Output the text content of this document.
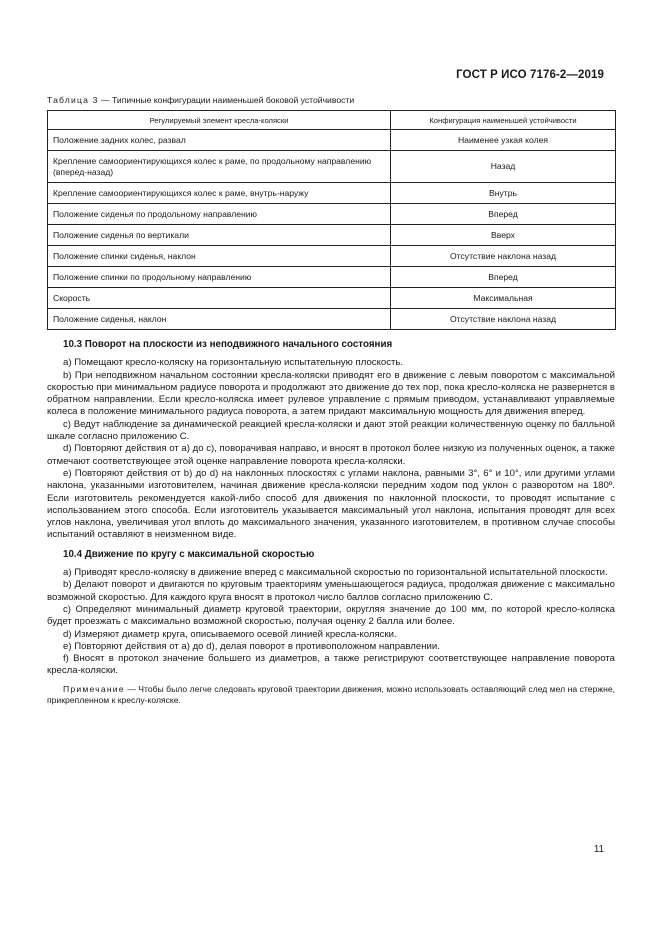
ГОСТ Р ИСО 7176-2—2019
Таблица 3 — Типичные конфигурации наименьшей боковой устойчивости
Регулируемый элемент кресла-коляски	Конфигурация наименьшей устойчивости
Положение задних колес, развал	Наименее узкая колея
Крепление самоориентирующихся колес к раме, по продольному направлению (вперед-назад)	Назад
Крепление самоориентирующихся колес к раме, внутрь-наружу	Внутрь
Положение сиденья по продольному направлению	Вперед
Положение сиденья по вертикали	Вверх
Положение спинки сиденья, наклон	Отсутствие наклона назад
Положение спинки по продольному направлению	Вперед
Скорость	Максимальная
Положение сиденья, наклон	Отсутствие наклона назад
10.3 Поворот на плоскости из неподвижного начального состояния

a) Помещают кресло-коляску на горизонтальную испытательную плоскость.

b) При неподвижном начальном состоянии кресла-коляски приводят его в движение с левым поворотом с максимальной скоростью при минимальном радиусе поворота и продолжают это движение до тех пор, пока кресло-коляска не развернется в обратном направлении. Если кресло-коляска имеет рулевое управление с прямым приводом, устанавливают управляемые колеса в положение минимального радиуса поворота, а затем придают максимальную мощность для движения вперед.

c) Ведут наблюдение за динамической реакцией кресла-коляски и дают этой реакции количественную оценку по балльной шкале согласно приложению С.

d) Повторяют действия от a) до c), поворачивая направо, и вносят в протокол более низкую из полученных оценок, а также отмечают соответствующее этой оценке направление поворота кресла-коляски.

e) Повторяют действия от b) до d) на наклонных плоскостях с углами наклона, равными 3°, 6° и 10°, или другими углами наклона, указанными изготовителем, начиная движение кресла-коляски передним ходом под уклон с разворотом на 180º. Если изготовитель рекомендуется какой-либо способ для движения по наклонной плоскости, то проводят испытание с использованием этого способа. Если изготовитель указывается максимальный угол наклона, испытания проводят для всех углов наклона, увеличивая угол вплоть до максимального значения, указанного изготовителем, в противном случае способы испытаний оставляют в неизменном виде.

10.4 Движение по кругу с максимальной скоростью

a) Приводят кресло-коляску в движение вперед с максимальной скоростью по горизонтальной испытательной плоскости.

b) Делают поворот и двигаются по круговым траекториям уменьшающегося радиуса, продолжая движение с максимально возможной скоростью. Для каждого круга вносят в протокол число баллов согласно приложению С.

c) Определяют минимальный диаметр круговой траектории, округляя значение до 100 мм, по которой кресло-коляска будет проезжать с максимально возможной скоростью, получая оценку 2 балла или более.

d) Измеряют диаметр круга, описываемого осевой линией кресла-коляски.

e) Повторяют действия от a) до d), делая поворот в противоположном направлении.

f) Вносят в протокол значение большего из диаметров, а также регистрируют соответствующее направление поворота кресла-коляски.

Примечание — Чтобы было легче следовать круговой траектории движения, можно использовать оставляющий след мел на стержне, прикрепленном к креслу-коляске.

11
